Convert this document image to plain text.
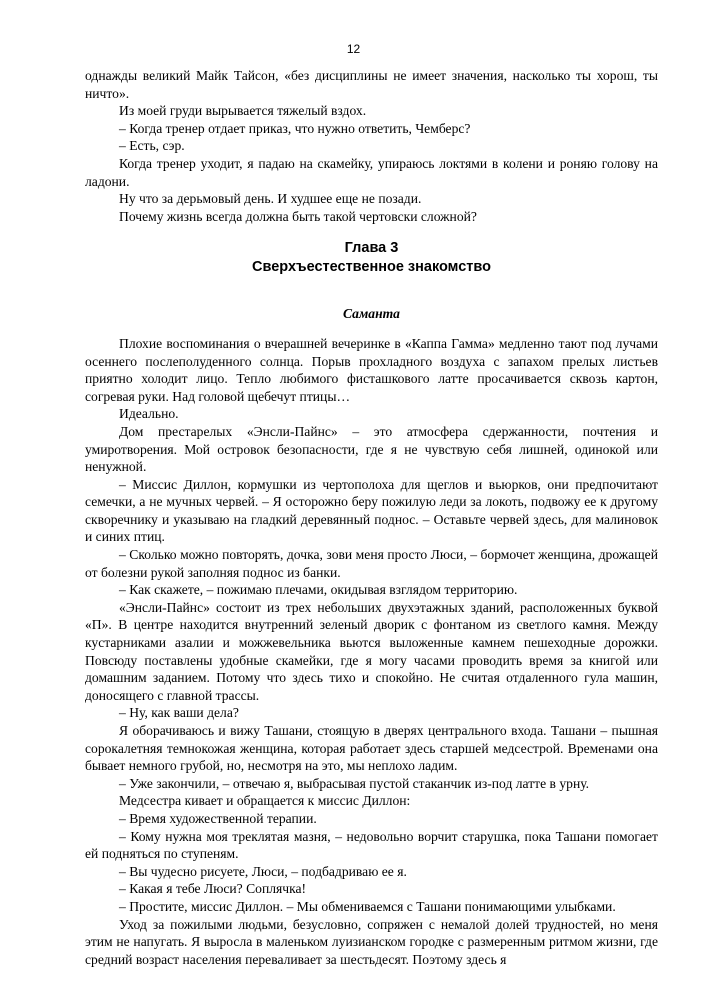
12

однажды великий Майк Тайсон, «без дисциплины не имеет значения, насколько ты хорош, ты ничто».

Из моей груди вырывается тяжелый вздох.

– Когда тренер отдает приказ, что нужно ответить, Чемберс?

– Есть, сэр.

Когда тренер уходит, я падаю на скамейку, упираюсь локтями в колени и роняю голову на ладони.

Ну что за дерьмовый день. И худшее еще не позади.

Почему жизнь всегда должна быть такой чертовски сложной?

Глава 3

Сверхъестественное знакомство

Саманта

Плохие воспоминания о вчерашней вечеринке в «Каппа Гамма» медленно тают под лучами осеннего послеполуденного солнца. Порыв прохладного воздуха с запахом прелых листьев приятно холодит лицо. Тепло любимого фисташкового латте просачивается сквозь картон, согревая руки. Над головой щебечут птицы…

Идеально.

Дом престарелых «Энсли-Пайнс» – это атмосфера сдержанности, почтения и умиротворения. Мой островок безопасности, где я не чувствую себя лишней, одинокой или ненужной.

– Миссис Диллон, кормушки из чертополоха для щеглов и вьюрков, они предпочитают семечки, а не мучных червей. – Я осторожно беру пожилую леди за локоть, подвожу ее к другому скворечнику и указываю на гладкий деревянный поднос. – Оставьте червей здесь, для малиновок и синих птиц.

– Сколько можно повторять, дочка, зови меня просто Люси, – бормочет женщина, дрожащей от болезни рукой заполняя поднос из банки.

– Как скажете, – пожимаю плечами, окидывая взглядом территорию.

«Энсли-Пайнс» состоит из трех небольших двухэтажных зданий, расположенных буквой «П». В центре находится внутренний зеленый дворик с фонтаном из светлого камня. Между кустарниками азалии и можжевельника вьются выложенные камнем пешеходные дорожки. Повсюду поставлены удобные скамейки, где я могу часами проводить время за книгой или домашним заданием. Потому что здесь тихо и спокойно. Не считая отдаленного гула машин, доносящего с главной трассы.

– Ну, как ваши дела?

Я оборачиваюсь и вижу Ташани, стоящую в дверях центрального входа. Ташани – пышная сорокалетняя темнокожая женщина, которая работает здесь старшей медсестрой. Временами она бывает немного грубой, но, несмотря на это, мы неплохо ладим.

– Уже закончили, – отвечаю я, выбрасывая пустой стаканчик из-под латте в урну.

Медсестра кивает и обращается к миссис Диллон:

– Время художественной терапии.

– Кому нужна моя треклятая мазня, – недовольно ворчит старушка, пока Ташани помогает ей подняться по ступеням.

– Вы чудесно рисуете, Люси, – подбадриваю ее я.

– Какая я тебе Люси? Соплячка!

– Простите, миссис Диллон. – Мы обмениваемся с Ташани понимающими улыбками.

Уход за пожилыми людьми, безусловно, сопряжен с немалой долей трудностей, но меня этим не напугать. Я выросла в маленьком луизианском городке с размеренным ритмом жизни, где средний возраст населения переваливает за шестьдесят. Поэтому здесь я
